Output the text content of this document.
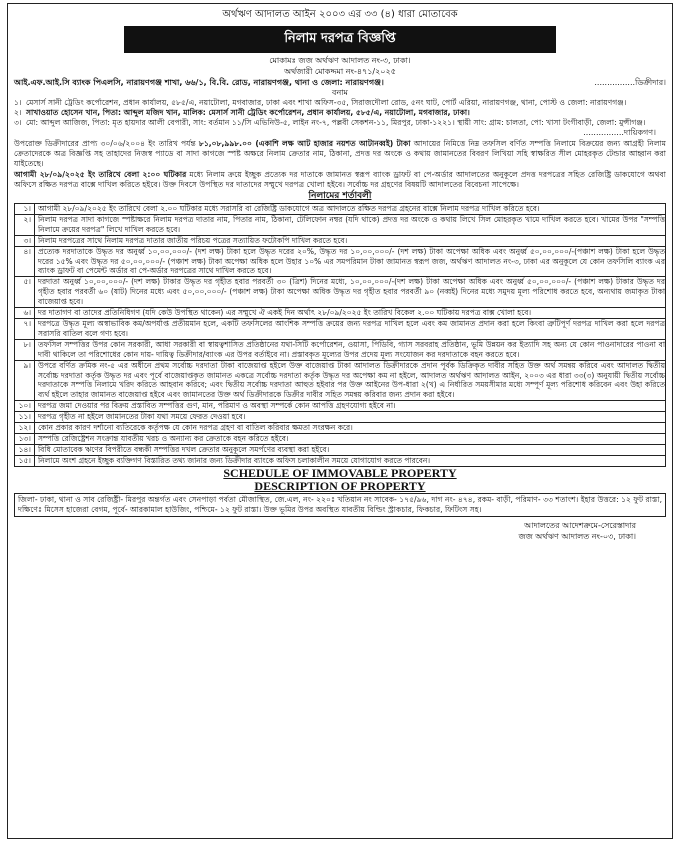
অর্থঋণ আদালত আইন ২০০৩ এর ৩৩ (৪) ধারা মোতাবেক
নিলাম দরপত্র বিজ্ঞপ্তি
মোকামঃ জজ অর্থঋণ আদালত নং-৩, ঢাকা।
অর্থজারী মোকদ্দমা নং-৪৭১/২০২৫
আই.এফ.আই.সি ব্যাংক পিএলসি, নারায়ণগঞ্জ শাখা, ৬৬/১, বি.বি. রোড, নারায়ণগঞ্জ, থানা ও জেলা: নারায়ণগঞ্জ।	................ডিক্রীদার।
বনাম
১। মেসার্স সানী ট্রেডিং কর্পোরেশন, প্রধান কার্যালয়, ৫৮৫/এ, নয়াটোলা, মগবাজার, ঢাকা এবং শাখা অফিস-৩৫, সিরাজদৌলা রোড, ৫নং ঘাট, পোর্ট এরিয়া, নারায়ণগঞ্জ, থানা, পোস্ট ও জেলা: নারায়ণগঞ্জ।
২। সাখাওয়াত হোসেন খান, পিতা: আব্দুল মজিদ খান, মালিক: মেসার্স সানী ট্রেডিং কর্পোরেশন, প্রধান কার্যালয়, ৫৮৫/এ, নয়াটোলা, মগবাজার, ঢাকা।
৩। মো: আব্দুল আজিজ, পিতা: মৃত হায়দার আলী বেপারী, সাং: বর্তমান ১১/সি এভিনিউ-৫, লাইন নং-৭, পল্লবী সেকশন-১১, মিরপুর, ঢাকা-১২২১। স্থায়ী সাং: গ্রাম: চালতা, পো: খাসা টংগীবাড়ী, জেলা: মুন্সীগঞ্জ।
................দায়িকগণ।
উপরোক্ত ডিক্রীদারের প্রাপ্য ৩০/০৬/২০০৪ ইং তারিখ পর্যন্ত ৮১,০৮,৯৯৮.০০ (একাশি লক্ষ আট হাজার নয়শত আটানব্বই) টাকা আদায়ের নিমিত্তে নিম্ন তফসিল বর্ণিত সম্পত্তি নিলামে বিক্রয়ের জন্য আগ্রহী নিলাম ক্রেতাদেরকে অত্র বিজ্ঞপ্তি সহ তাহাদের নিজস্ব প্যাডে বা সাদা কাগজে স্পষ্ট অক্ষরে নিলাম ক্রেতার নাম, ঠিকানা, প্রদত্ত দর অংকে ও কথায় জামানতের বিবরণ লিখিয়া সহি স্বাক্ষরিত সীল মোহরকৃত টেন্ডার আহ্বান করা যাইতেছে।
আগামী ২৮/০৯/২০২৫ ইং তারিখে বেলা ২:০০ ঘটিকার মধ্যে নিলাম ক্রয়ে ইচ্ছুক প্রত্যেক দর দাতাকে জামানত স্বরূপ ব্যাংক ড্রাফট বা পে-অর্ডার আদালতের অনুকূলে প্রদত্ত দরপত্রের সহিত রেজিষ্ট্রি ডাকযোগে অথবা অফিসে রক্ষিত দরপত্র বাক্সে দাখিল করিতে হইবে। উক্ত দিবসে উপস্থিত দর দাতাদের সম্মুখে দরপত্র খোলা হইবে। সর্বোচ্চ দর গ্রহণের বিষয়টি আদালতের বিবেচনা সাপেক্ষে।
নিলামের শর্তাবলী
১। আগামী ২৮/০৯/২০২৫ ইং তারিখে বেলা ২.০০ ঘটিকার মধ্যে সরাসরি বা রেজিষ্ট্রি ডাকযোগে অত্র আদালতে রক্ষিত দরপত্র গ্রহনের বাক্সে নিলাম দরপত্র দাখিল করিতে হবে।
২। নিলাম দরপত্র সাদা কাগজে স্পষ্টাক্ষরে নিলাম দরপত্র দাতার নাম, পিতার নাম, ঠিকানা, টেলিফোন নম্বর (যদি থাকে) প্রদত্ত দর অংকে ও কথায় লিখে সিল মোহরকৃত খামে দাখিল করতে হবে। খামের উপর "সম্পত্তি নিলামে ক্রয়ের দরপত্র" লিখে দাখিল করতে হবে।
৩। নিলাম দরপত্রের সাথে নিলাম দরপত্র দাতার জাতীয় পরিচয় পত্রের সত্যায়িত ফটোকপি দাখিল করতে হবে।
৪। প্রত্যেক দরদাতাকে উদ্ধৃত দর অনুর্ধ্ব ১০,০০,০০০/- (দশ লক্ষ) টাকা হলে উদ্ধৃত দরের ২০%, উদ্ধৃত দর ১০,০০,০০০/- (দশ লক্ষ) টাকা অপেক্ষা অধিক এবং অনুর্ধ্ব ৫০,০০,০০০/-(পঞ্চাশ লক্ষ) টাকা হলে উদ্ধৃত দরের ১৫% এবং উদ্ধৃত দর ৫০,০০,০০০/- (পঞ্চাশ লক্ষ) টাকা অপেক্ষা অধিক হলে উহার ১০% এর সমপরিমান টাকা জামানত স্বরূপ জজ, অর্থঋণ আদালত নং-৩, ঢাকা এর অনুকূলে যে কোন তফসিলি ব্যাংক এর ব্যাংক ড্রাফট বা পেমেন্ট অর্ডার বা পে-অর্ডার দরপত্রের সাথে দাখিল করতে হবে।
৫। দরদাতা অনুর্ধ্ব ১০,০০,০০০/- (দশ লক্ষ) টাকার উদ্ধৃত দর গৃহীত হবার পরবর্তী ৩০ (ত্রিশ) দিনের মধ্যে, ১০,০০,০০০/-(দশ লক্ষ) টাকা অপেক্ষা অধিক এবং অনুর্ধ্ব ৫০,০০,০০০/- (পঞ্চাশ লক্ষ) টাকার উদ্ধৃত দর গৃহীত হবার পরবর্তী ৬০ (ষাট) দিনের মধ্যে এবং ৫০,০০,০০০/- (পঞ্চাশ লক্ষ) টাকা অপেক্ষা অধিক উদ্ধৃত দর গৃহীত হবার পরবর্তী ৯০ (নব্বই) দিনের মধ্যে সমুদয় মূল্য পরিশোধ করতে হবে, অন্যথায় জমাকৃত টাকা বাজেয়াপ্ত হবে।
৬। দর দাতাগণ বা তাদের প্রতিনিধিগণ (যদি কেউ উপস্থিত থাকেন) এর সম্মুখে ঐ একই দিন অর্থাৎ ২৮/০৯/২০২৫ ইং তারিখ বিকেল ২.০০ ঘটিকায় দরপত্র বাক্স খোলা হবে।
৭। দরপত্রে উদ্ধৃত মূল্য অস্বাভাবিক কম/অপর্যাপ্ত প্রতীয়মান হলে, একটি তফসিলের আংশিক সম্পত্তি ক্রয়ের জন্য দরপত্র দাখিল হলে এবং কম জামানত প্রদান করা হলে কিংবা ত্রুটিপূর্ণ দরপত্র দাখিল করা হলে দরপত্র সরাসরি বাতিল বলে গণ্য হবে।
৮। তফসিল সম্পত্তির উপর কোন সরকারী, আধা সরকারী বা স্বায়ত্বশাসিত প্রতিষ্ঠানের যথা-সিটি কর্পোরেশন, ওয়াসা, পিডিবি, গ্যাস সরবরাহ প্রতিষ্ঠান, ভূমি উন্নয়ন কর ইত্যাদি সহ অন্য যে কোন পাওনাদারের পাওনা বা দাবী থাকিলে তা পরিশোধের কোন দায়- দায়িত্ব ডিক্রীদার/ব্যাংক এর উপর বর্তাইবে না। প্রস্তাবকৃত মূল্যের উপর প্রদেয় মূল্য সংযোজন কর দরদাতাকে বহন করতে হবে।
৯। উপরে বর্ণিত ক্রমিক নং-৫ এর অধীনে প্রথম সর্বোচ্চ দরদাতা টাকা বাজেয়াপ্ত হইলে উক্ত বাজেয়াপ্ত টাকা আদালত ডিক্রীদারকে প্রদান পূর্বক ডিক্রিকৃত দাবীর সহিত উক্ত অর্থ সমন্বয় করিবে এবং আদালত দ্বিতীয় সর্বোচ্চ দরদাতা কর্তৃক উদ্ধৃত দর এবং পূর্বে বাজেয়াপ্তকৃত জামানত একত্রে সর্বোচ্চ দরদাতা কর্তৃক উদ্ধৃত দর অপেক্ষা কম না হইলে, আদালত অর্থঋণ আদালত আইন, ২০০৩ এর ধারা ৩৩(৩) অনুযায়ী দ্বিতীয় সর্বোচ্চ দরদাতাকে সম্পত্তি নিলামে খরিদ করিতে আহবান করিবে; এবং দ্বিতীয় সর্বোচ্চ দরদাতা আহুত হইবার পর উক্ত আইনের উপ-ধারা ২(খ) এ নির্ধারিত সময়সীমার মধ্যে সম্পূর্ণ মূল্য পরিশোধ করিবেন এবং উহা করিতে ব্যর্থ হইলে তাহার জামানত বাজেয়াপ্ত হইবে এবং জামানতের উক্ত অর্থ ডিক্রীদারকে ডিক্রীর দাবীর সহিত সমন্বয় করিবার জন্য প্রদান করা হইবে।
১০। দরপত্র জমা দেওয়ার পর বিক্রয় প্রস্তাবিত সম্পত্তির গুণ, মান, পরিমাণ ও অবস্থা সম্পর্কে কোন আপত্তি গ্রহণযোগ্য হইবে না।
১১। দরপত্র গৃহীত না হইলে জামানতের টাকা যথা সময়ে ফেরত দেওয়া হবে।
১২। কোন প্রকার কারণ দর্শানো ব্যতিরেকে কর্তৃপক্ষ যে কোন দরপত্র গ্রহণ বা বাতিল করিবার ক্ষমতা সংরক্ষন করে।
১৩। সম্পত্তি রেজিষ্ট্রেশন সংক্রান্ত যাবতীয় খরচ ও অন্যান্য কর ক্রেতাকে বহন করিতে হইবে।
১৪। বিধি মোতাবেক ঋণের বিপরীতে বন্ধকী সম্পত্তির দখল ক্রেতার অনুকূলে সমর্পণের ব্যবস্থা করা হইবে।
১৫। নিলামে অংশ গ্রহনে ইচ্ছুক ব্যক্তিগণ বিস্তারিত তথ্য জানার জন্য ডিক্রীদার ব্যাংকে অফিস চলাকালীন সময়ে যোগাযোগ করতে পারবেন।
SCHEDULE OF IMMOVABLE PROPERTY
DESCRIPTION OF PROPERTY
জিলা- ঢাকা, থানা ও সাব রেজিষ্ট্রী- মিরপুর অন্তর্গত এবং সেনপাড়া পর্বতা মৌজাস্থিত, জে.এল, নং- ২২০ঃ খতিয়ান নং সাবেক- ১৭৫/৯৬, দাগ নং- ৪৭৪, রকম- বাড়ী, পরিমাণ- ৩৩ শতাংশ। ইহার উত্তরে: ১২ ফুট রাস্তা, দক্ষিণেঃ মিসেস হাজেরা বেগম, পূর্বে- আরকামাল হাউজিং, পশ্চিমে- ১২ ফুট রাস্তা। উক্ত ভূমির উপর অবস্থিত যাবতীয় বিল্ডিং স্ট্রাকচার, ফিকচার, ফিটিংস সহ।
আদালতের আদেশক্রমে-সেরেস্তাদার
জজ অর্থঋণ আদালত নং-০৩, ঢাকা।
